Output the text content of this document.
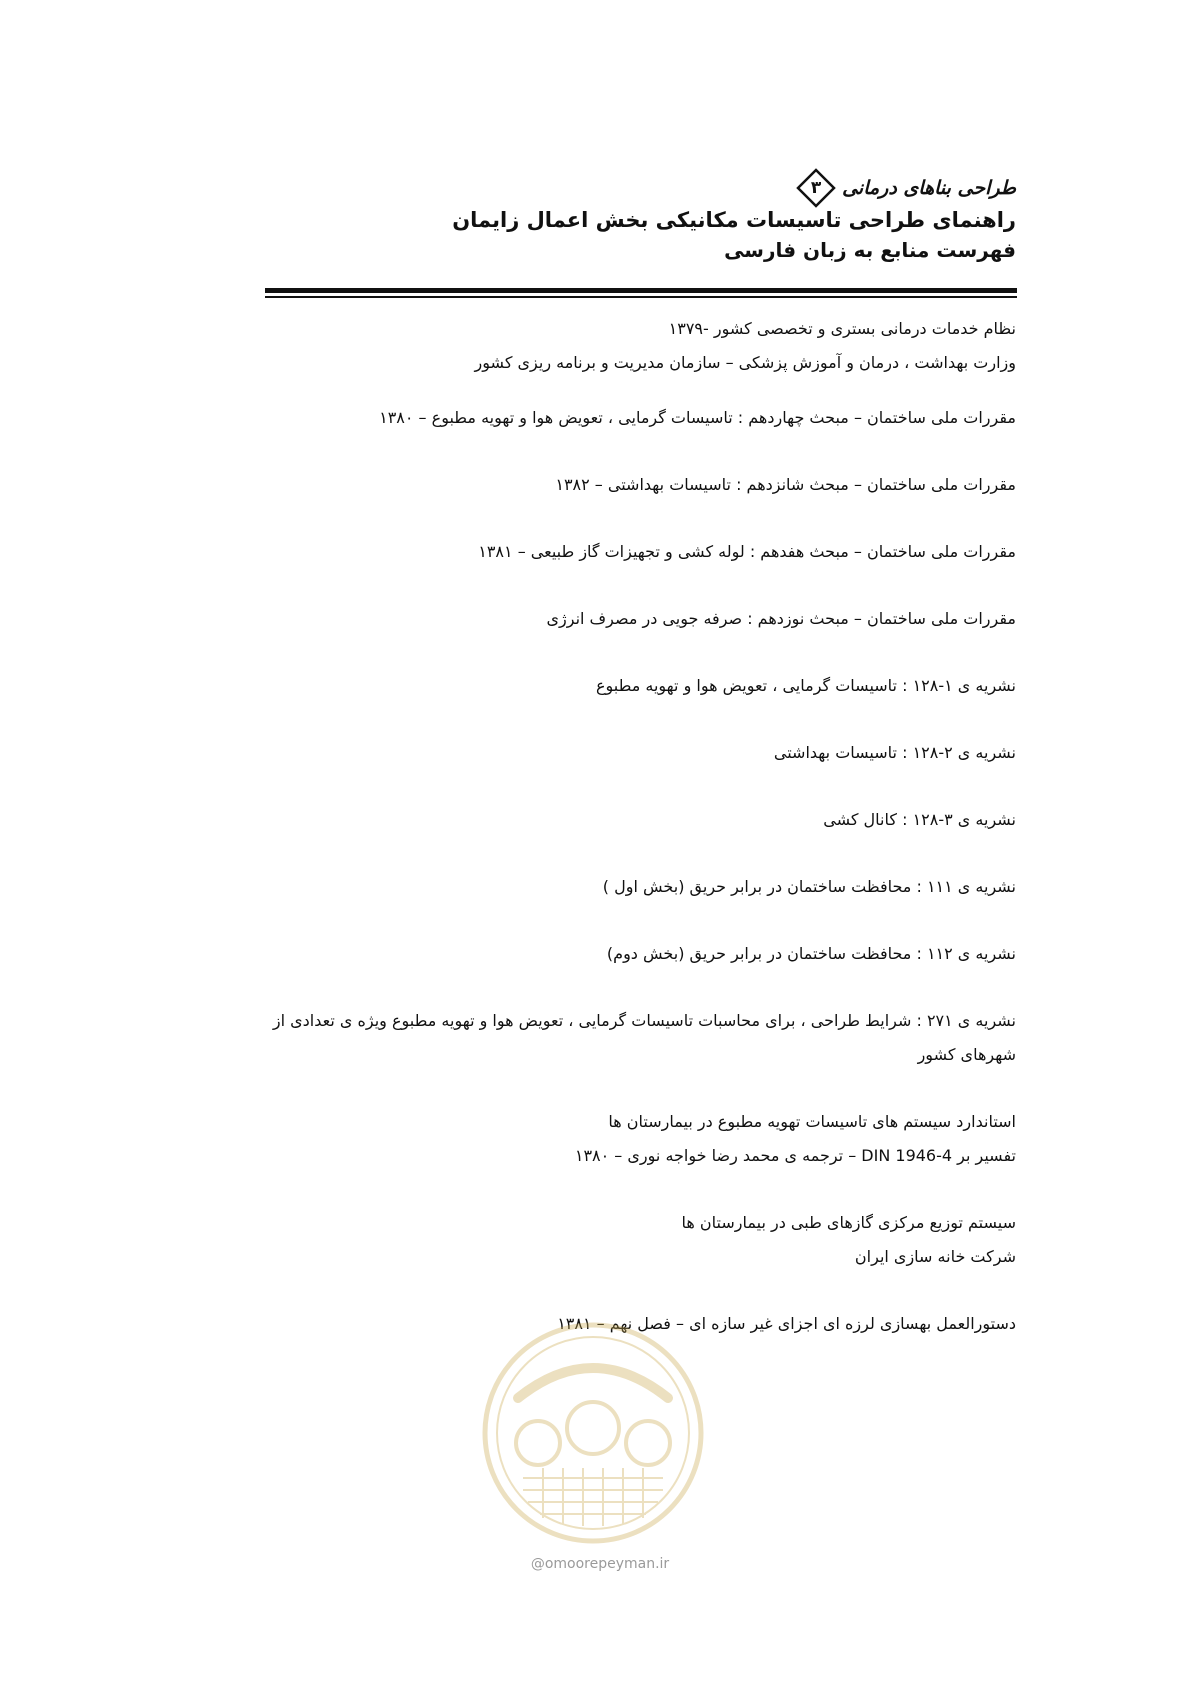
طراحی بناهای درمانی
۳
راهنمای طراحی تاسیسات مکانیکی بخش اعمال زایمان
فهرست منابع به زبان فارسی
نظام خدمات درمانی بستری و تخصصی کشور -۱۳۷۹
وزارت بهداشت ، درمان و آموزش پزشکی – سازمان مدیریت و برنامه ریزی کشور
مقررات ملی ساختمان – مبحث چهاردهم : تاسیسات گرمایی ، تعویض هوا و تهویه مطبوع – ۱۳۸۰
مقررات ملی ساختمان – مبحث شانزدهم : تاسیسات بهداشتی – ۱۳۸۲
مقررات ملی ساختمان – مبحث هفدهم : لوله کشی و تجهیزات گاز طبیعی – ۱۳۸۱
مقررات ملی ساختمان – مبحث نوزدهم : صرفه جویی در مصرف انرژی
نشریه ی ۱-۱۲۸ : تاسیسات گرمایی ، تعویض هوا و تهویه مطبوع
نشریه ی ۲-۱۲۸ : تاسیسات بهداشتی
نشریه ی ۳-۱۲۸ : کانال کشی
نشریه ی ۱۱۱ : محافظت ساختمان در برابر حریق (بخش اول )
نشریه ی ۱۱۲ : محافظت ساختمان در برابر حریق (بخش دوم)
نشریه ی ۲۷۱ : شرایط طراحی ، برای محاسبات تاسیسات گرمایی ، تعویض هوا و تهویه مطبوع ویژه ی تعدادی از
شهرهای کشور
استاندارد سیستم های تاسیسات تهویه مطبوع در بیمارستان ها
تفسیر بر DIN 1946-4 – ترجمه ی محمد رضا خواجه نوری – ۱۳۸۰
سیستم توزیع مرکزی گازهای طبی در بیمارستان ها
شرکت خانه سازی ایران
دستورالعمل بهسازی لرزه ای اجزای غیر سازه ای – فصل نهم – ۱۳۸۱
@omoorepeyman.ir
